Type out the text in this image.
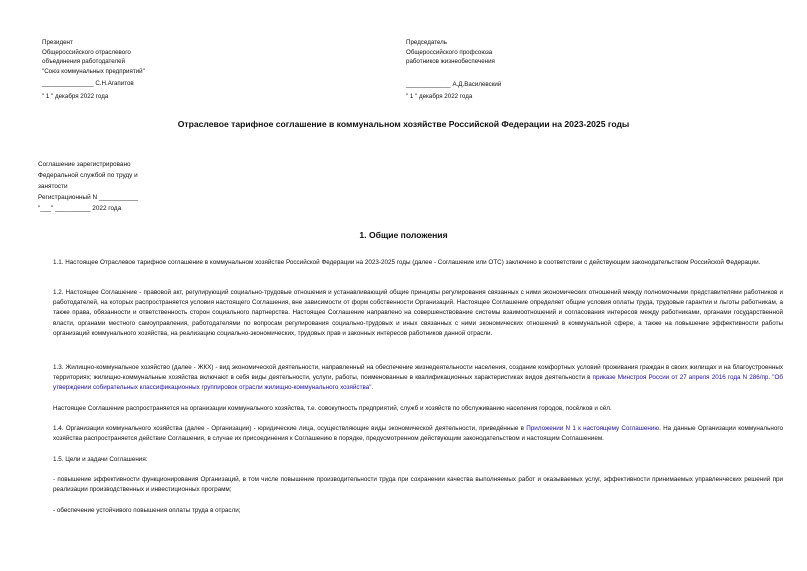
Президент
Общероссийского отраслевого
объединения работодателей
"Союз коммунальных предприятий"
_______________ С.Н.Агапитов
" 1 " декабря 2022 года
Председатель
Общероссийского профсоюза
работников жизнеобеспечения
_____________ А.Д.Василевский
" 1 " декабря 2022 года
Отраслевое тарифное соглашение в коммунальном хозяйстве Российской Федерации на 2023-2025 годы
Соглашение зарегистрировано
Федеральной службой по труду и
занятости
Регистрационный N ___________
"___" __________ 2022 года
1. Общие положения
1.1. Настоящее Отраслевое тарифное соглашение в коммунальном хозяйстве Российской Федерации на 2023-2025 годы (далее - Соглашение или ОТС) заключено в соответствии с действующим законодательством Российской Федерации.
1.2. Настоящее Соглашение - правовой акт, регулирующий социально-трудовые отношения и устанавливающий общие принципы регулирования связанных с ними экономических отношений между полномочными представителями работников и работодателей, на которых распространяется условия настоящего Соглашения, вне зависимости от форм собственности Организаций. Настоящее Соглашение определяет общие условия оплаты труда, трудовые гарантии и льготы работникам, а также права, обязанности и ответственность сторон социального партнерства. Настоящее Соглашение направлено на совершенствование системы взаимоотношений и согласования интересов между работниками, органами государственной власти, органами местного самоуправления, работодателями по вопросам регулирования социально-трудовых и иных связанных с ними экономических отношений в коммунальной сфере, а также на повышение эффективности работы организаций коммунального хозяйства, на реализацию социально-экономических, трудовых прав и законных интересов работников данной отрасли.
1.3. Жилищно-коммунальное хозяйство (далее - ЖКХ) - вид экономической деятельности, направленный на обеспечение жизнедеятельности населения, создание комфортных условий проживания граждан в своих жилищах и на благоустроенных территориях; жилищно-коммунальные хозяйства включают в себя виды деятельности, услуги, работы, поименованные в квалификационных характеристиках видов деятельности в приказе Минстроя России от 27 апреля 2016 года N 286/пр. "Об утверждении собирательных классификационных группировок отрасли жилищно-коммунального хозяйства".
Настоящее Соглашение распространяется на организации коммунального хозяйства, т.е. совокупность предприятий, служб и хозяйств по обслуживанию населения городов, посёлков и сёл.
1.4. Организации коммунального хозяйства (далее - Организации) - юридические лица, осуществляющие виды экономической деятельности, приведённые в Приложении N 1 к настоящему Соглашению. На данные Организации коммунального хозяйства распространяется действие Соглашения, в случае их присоединения к Соглашению в порядке, предусмотренном действующим законодательством и настоящим Соглашением.
1.5. Цели и задачи Соглашения:
- повышение эффективности функционирования Организаций, в том числе повышение производительности труда при сохранении качества выполняемых работ и оказываемых услуг, эффективности принимаемых управленческих решений при реализации производственных и инвестиционных программ;
- обеспечение устойчивого повышения оплаты труда в отрасли;
